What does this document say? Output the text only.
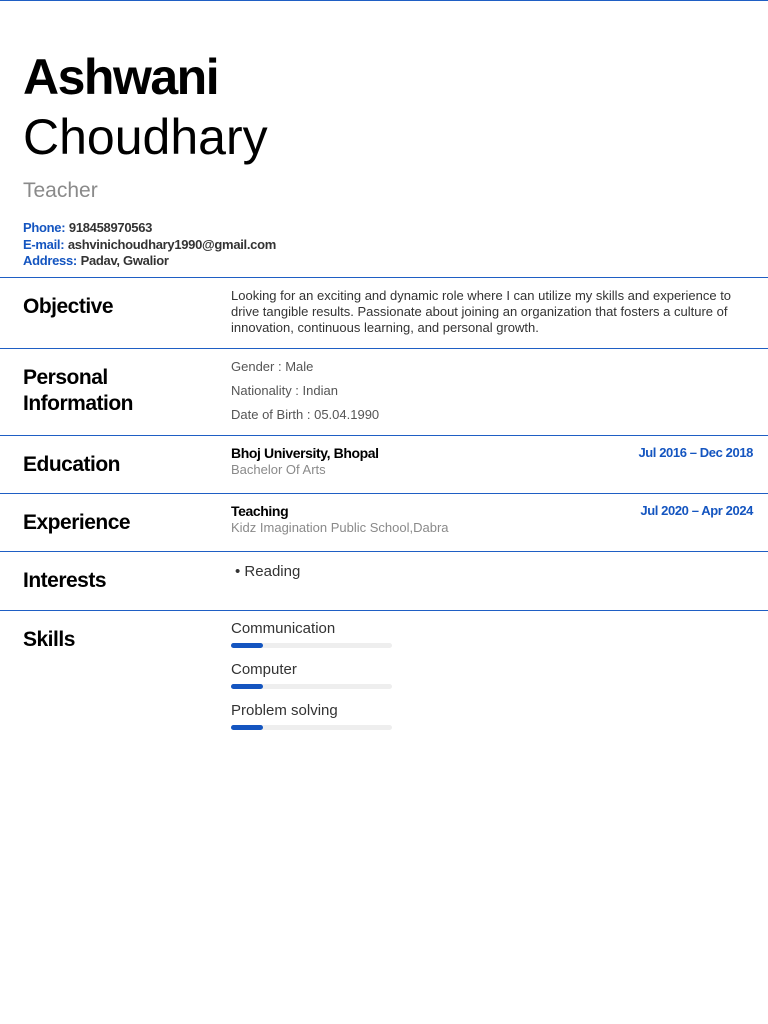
Ashwani
Choudhary
Teacher
Phone: 918458970563
E-mail: ashvinichoudhary1990@gmail.com
Address: Padav, Gwalior
Objective	Looking for an exciting and dynamic role where I can utilize my skills and experience to drive tangible results. Passionate about joining an organization that fosters a culture of innovation, continuous learning, and personal growth.
Personal Information
Gender : Male
Nationality : Indian
Date of Birth : 05.04.1990
Education	Bhoj University, Bhopal	Jul 2016 – Dec 2018
Bachelor Of Arts
Experience	Teaching	Jul 2020 – Apr 2024
Kidz Imagination Public School,Dabra
Interests	• Reading
Skills	Communication
Computer
Problem solving
